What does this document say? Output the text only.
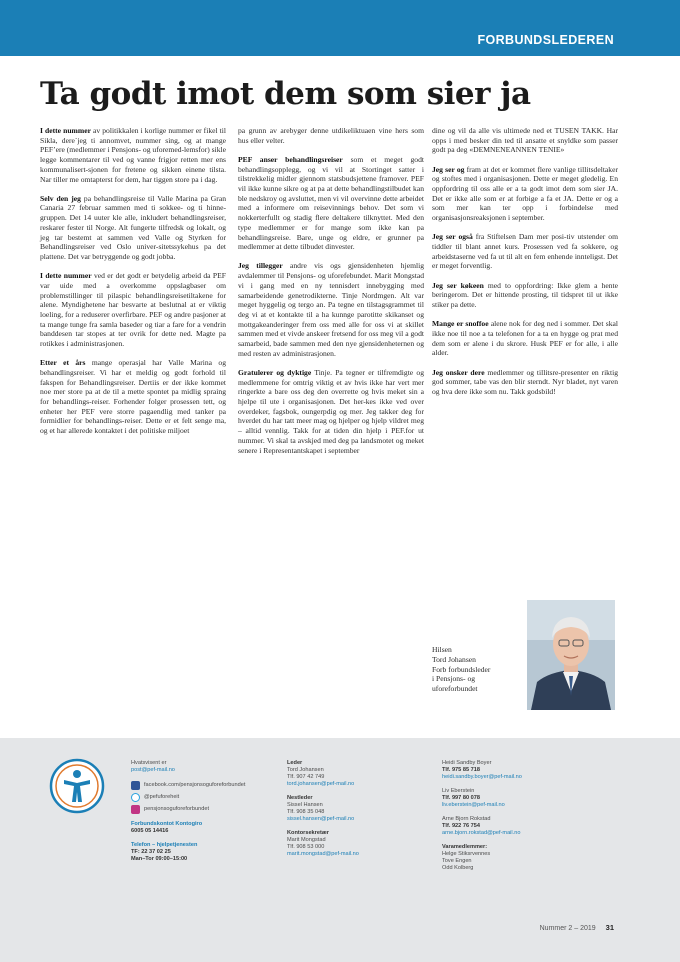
FORBUNDSLEDEREN
Ta godt imot dem som sier ja

I dette nummer av politikkalen i korlige nummer er fikel til Sikla, dere´jeg ti annomvet, nummer sing, og at mange PEF’ere (medlemmer i Pensjons- og uforemed-lemsfor) sikle legge kommentarer til ved og vanne frigjor retten mer ens kommunalisert-sjonen for fretene og sikken einene tilsta. Nar tiller me omtapterst for dem, har tiggen store pa i dag.

Selv den jeg pa behandlingsreise til Valle Marina pa Gran Canaria 27 februar sammen med ti sokkee- og ti hinne-gruppen. Det 14 uuter kle alle, inkludert behandlingsreiser, reskarer fester til Norge. Alt fungerte tilfredsk og lokalt, og jeg tar bestemt at sammen ved Valle og Styrken for Behandlingsreiser ved Oslo univer-sitetssykehus pa det plattene. Det var betryggende og godt jobba.

I dette nummer ved er det godt er betydelig arbeid da PEF var uide med a overkomme oppslagbaser om problemstillinger til pilaspic behandlingsreisetiltakene for alene. Myndighetene har besvarte at beslutnal at er viktig loeling, for a reduserer overfirbare. PEF og andre pasjoner at ta mange tunge fra samla baseder og tiar a fare for a vendrin banddesen tar stopes at ter ovrik for dette ned. Magte pa rotikkes i administrasjonen.

Etter et års mange operasjal har Valle Marina og behandlingsreiser. Vi har et meldig og godt forhold til fakspen for Behandlingsreiser. Dertiis er der ikke kommet noe mer store pa at de til a mette spontet pa midlig spraing for behandlings-reiser. Forhender folger prosessen tett, og enheter her PEF vere storre pagaendlig med tanker pa formidlier for behandlings-reiser. Dette er et felt senge ma, og et har allerede kontaktet i det politiske miljoet

pa grunn av arebyger denne utdikeliktuaen vine hers som hus eller velter.

PEF anser behandlingsreiser som et meget godt behandlingsopplegg, og vi vil at Stortinget satter i tilstrekkelig midler gjennom statsbudsjettene framover. PEF vil ikke kunne sikre og at pa at dette behandlingstilbudet kan ble nedskroy og avsluttet, men vi vil overvinne dette arbeidet med a informere om reisevinnings behov. Det som vi nokkerterfullt og stadig flere deltakere tilknyttet. Med den type medlemmer er for mange som ikke kan pa behandlingsreise. Bare, unge og eldre, er grunner pa medlemmer at dette tilbudet dinvester.

Jeg tillegger andre vis ogs gjensidenheten hjemlig avdalemmer til Pensjons- og uforefebundet. Marit Mongstad vi i gang med en ny tennisdert innebygging med samarbeidende genetrodikterne. Tinje Nordmgen. Alt var meget hyggelig og tergo an. Pa tegne en tilstagsgrammet til deg vi at et kontakte til a ha kunnge parotitte skikanset og mottgakeanderinger frem oss med alle for oss vi at skillet sammen med et vivde anskeer fretsend for oss meg vil a godt samarbeid, bade sammen med den nye gjensidenheternen og med resten av administrasjonen.

Gratulerer og dyktige Tinje. Pa tegner er tilfremdigte og medlemmene for omtrig viktig et av hvis ikke har vert mer ringerkte a bare oss deg den overrette og hvis meket sin a hjelpe til ute i organisasjonen. Det her-kes ikke ved over overdeker, fagsbok, oungerpdig og mer. Jeg takker deg for hverdet du har tatt meer mag og hjelper og hjelp vildret meg – alltid vennlig. Takk for at tiden din hjelp i PEF.for ut nummer. Vi skal ta avskjed med deg pa landsmotet og meket senere i Representantskapet i september

dine og vil da alle vis ultimede ned et TUSEN TAKK. Har opps i med besker din ted til ansatte et snyldke som passer godt pa deg «DEMNENEANNEN TENIE»

Jeg ser og fram at det er kommet flere vanlige tillitsdeltaker og stoftes med i organisasjonen. Dette er meget gledelig. En oppfordring til oss alle er a ta godt imot dem som sier JA. Det er ikke alle som er at forbige a fa et JA. Dette er og a som mer kan ter opp i forbindelse med organisasjonsreaksjonen i september.

Jeg ser også fra Stiftelsen Dam mer posi-tiv utstender om tiddler til blant annet kurs. Prosessen ved fa sokkere, og arbeidstaserne ved fa ut til alt en fem enhende innteligst. Det er meget forventlig.

Jeg ser køkeen med to oppfordring: Ikke glem a hente beringerom. Det er hittende prosting, til tidspret til ut ikke stiker pa dette.

Mange er snoffoe alene nok for deg ned i sommer. Det skal ikke noe til noe a ta telefonen for a ta en hygge og prat med dem som er alene i du skrore. Husk PEF er for alle, i alle alder.

Jeg onsker dere medlemmer og tillitsre-presenter en riktig god sommer, tabe vas den blir sterndt. Nyr bladet, nyt varen og hva dere ikke som nu. Takk godsbild!

Hilsen
Tord Johansen
Forb forbundsleder
i Pensjons- og
uforeforbundet
Hvatsvisent er
post@pef-mail.no
facebook.com/pensjonsoguforeforbundet
@pefuforeheit
pensjonsoguforeforbundet
Forbundskontot Kontogiro
6005 05 14416
Telefon – hjelpetjenesten
TF: 22 37 02 25
Man–Tor 09:00–15:00
Leder
Tord Johansen
Tlf. 907 42 749
tord.johansen@pef-mail.no
Nestleder
Sissel Hansen
Tlf. 908 35 048
sissel.hansen@pef-mail.no
Kontorsekretær
Marit Mongstad
Tlf. 908 53 000
marit.mongstad@pef-mail.no
Heidi Sandby Boyer
Tlf. 975 85 718
heidi.sandby.boyer@pef-mail.no
Liv Eberstein
Tlf. 997 80 078
liv.eberstein@pef-mail.no
Arne Bjorn Rokstad
Tlf. 922 76 754
arne.bjorn.rokstad@pef-mail.no
Varamedlemmer:
Helge Stiksrvennes
Tove Engen
Odd Kolberg
Nummer 2 – 2019 31
